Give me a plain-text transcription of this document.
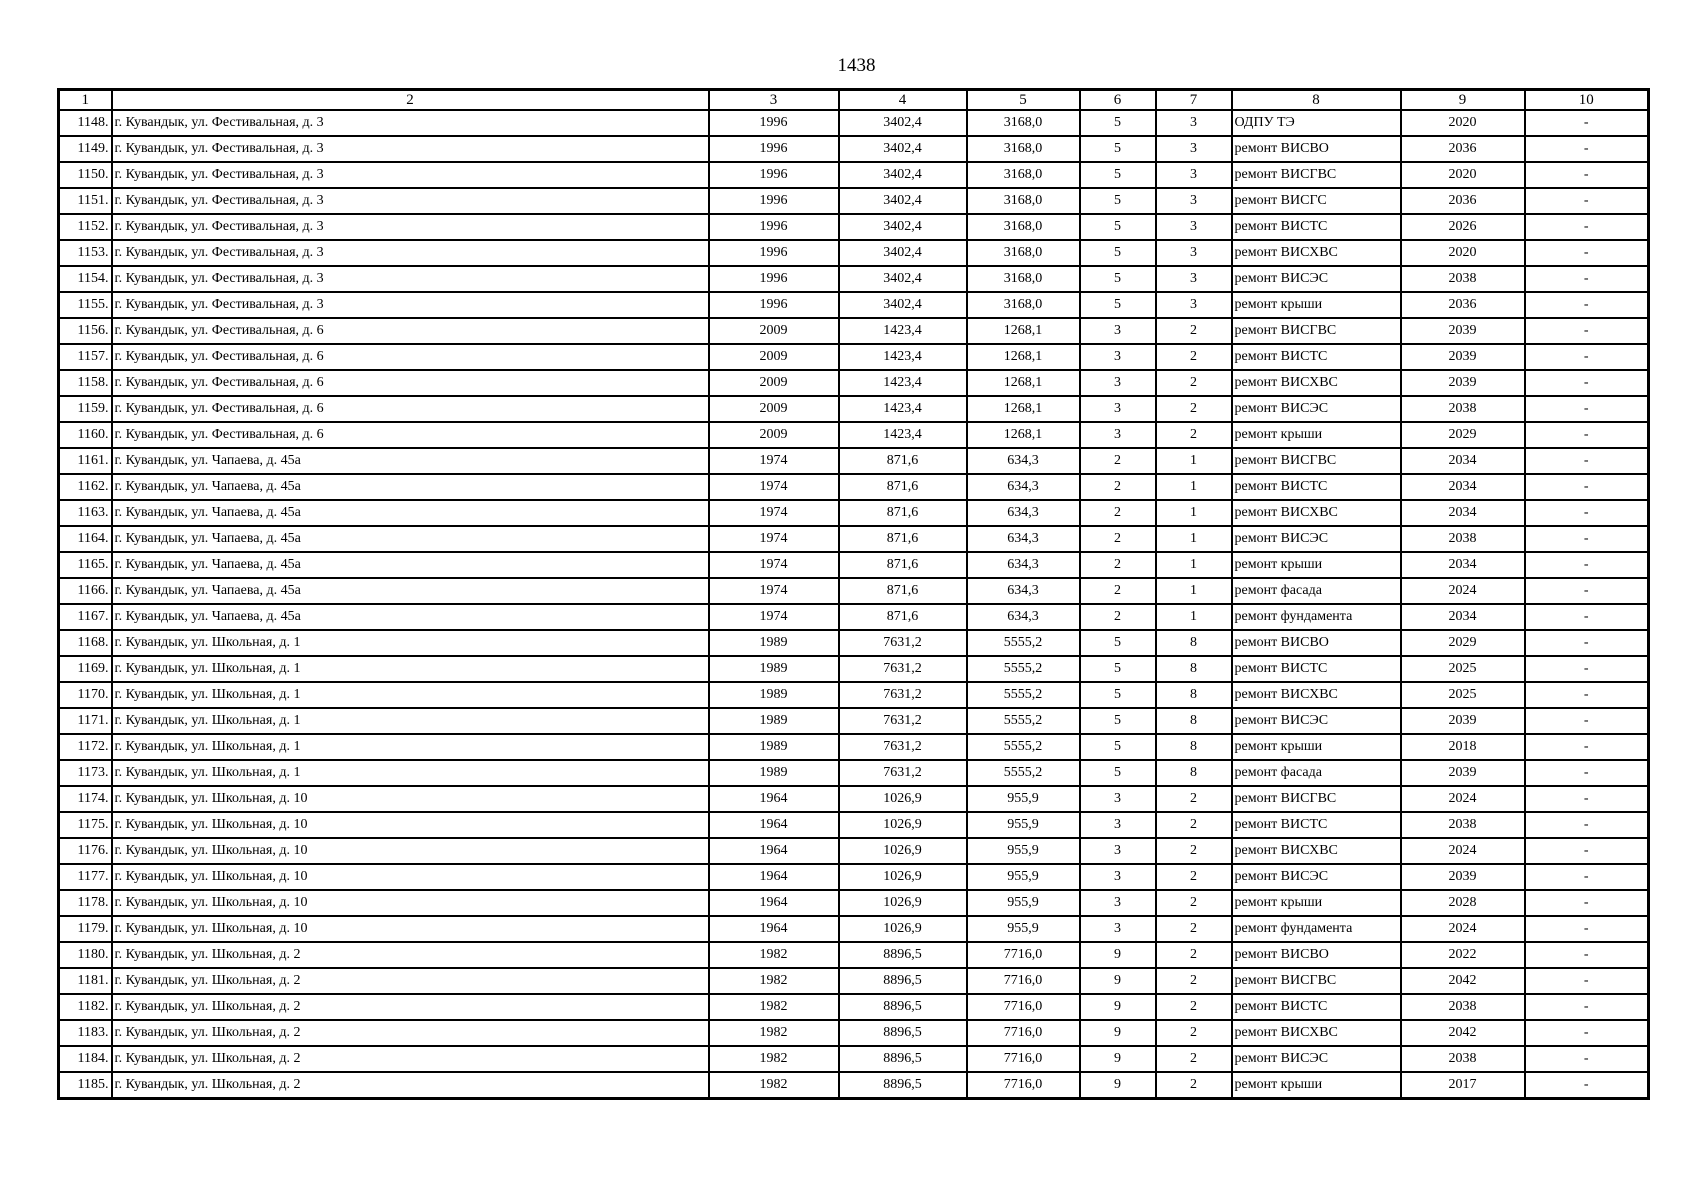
1438
1	2	3	4	5	6	7	8	9	10
1148.	г. Кувандык, ул. Фестивальная, д. 3	1996	3402,4	3168,0	5	3	ОДПУ ТЭ	2020	-
1149.	г. Кувандык, ул. Фестивальная, д. 3	1996	3402,4	3168,0	5	3	ремонт ВИСВО	2036	-
1150.	г. Кувандык, ул. Фестивальная, д. 3	1996	3402,4	3168,0	5	3	ремонт ВИСГВС	2020	-
1151.	г. Кувандык, ул. Фестивальная, д. 3	1996	3402,4	3168,0	5	3	ремонт ВИСГС	2036	-
1152.	г. Кувандык, ул. Фестивальная, д. 3	1996	3402,4	3168,0	5	3	ремонт ВИСТС	2026	-
1153.	г. Кувандык, ул. Фестивальная, д. 3	1996	3402,4	3168,0	5	3	ремонт ВИСХВС	2020	-
1154.	г. Кувандык, ул. Фестивальная, д. 3	1996	3402,4	3168,0	5	3	ремонт ВИСЭС	2038	-
1155.	г. Кувандык, ул. Фестивальная, д. 3	1996	3402,4	3168,0	5	3	ремонт крыши	2036	-
1156.	г. Кувандык, ул. Фестивальная, д. 6	2009	1423,4	1268,1	3	2	ремонт ВИСГВС	2039	-
1157.	г. Кувандык, ул. Фестивальная, д. 6	2009	1423,4	1268,1	3	2	ремонт ВИСТС	2039	-
1158.	г. Кувандык, ул. Фестивальная, д. 6	2009	1423,4	1268,1	3	2	ремонт ВИСХВС	2039	-
1159.	г. Кувандык, ул. Фестивальная, д. 6	2009	1423,4	1268,1	3	2	ремонт ВИСЭС	2038	-
1160.	г. Кувандык, ул. Фестивальная, д. 6	2009	1423,4	1268,1	3	2	ремонт крыши	2029	-
1161.	г. Кувандык, ул. Чапаева, д. 45а	1974	871,6	634,3	2	1	ремонт ВИСГВС	2034	-
1162.	г. Кувандык, ул. Чапаева, д. 45а	1974	871,6	634,3	2	1	ремонт ВИСТС	2034	-
1163.	г. Кувандык, ул. Чапаева, д. 45а	1974	871,6	634,3	2	1	ремонт ВИСХВС	2034	-
1164.	г. Кувандык, ул. Чапаева, д. 45а	1974	871,6	634,3	2	1	ремонт ВИСЭС	2038	-
1165.	г. Кувандык, ул. Чапаева, д. 45а	1974	871,6	634,3	2	1	ремонт крыши	2034	-
1166.	г. Кувандык, ул. Чапаева, д. 45а	1974	871,6	634,3	2	1	ремонт фасада	2024	-
1167.	г. Кувандык, ул. Чапаева, д. 45а	1974	871,6	634,3	2	1	ремонт фундамента	2034	-
1168.	г. Кувандык, ул. Школьная, д. 1	1989	7631,2	5555,2	5	8	ремонт ВИСВО	2029	-
1169.	г. Кувандык, ул. Школьная, д. 1	1989	7631,2	5555,2	5	8	ремонт ВИСТС	2025	-
1170.	г. Кувандык, ул. Школьная, д. 1	1989	7631,2	5555,2	5	8	ремонт ВИСХВС	2025	-
1171.	г. Кувандык, ул. Школьная, д. 1	1989	7631,2	5555,2	5	8	ремонт ВИСЭС	2039	-
1172.	г. Кувандык, ул. Школьная, д. 1	1989	7631,2	5555,2	5	8	ремонт крыши	2018	-
1173.	г. Кувандык, ул. Школьная, д. 1	1989	7631,2	5555,2	5	8	ремонт фасада	2039	-
1174.	г. Кувандык, ул. Школьная, д. 10	1964	1026,9	955,9	3	2	ремонт ВИСГВС	2024	-
1175.	г. Кувандык, ул. Школьная, д. 10	1964	1026,9	955,9	3	2	ремонт ВИСТС	2038	-
1176.	г. Кувандык, ул. Школьная, д. 10	1964	1026,9	955,9	3	2	ремонт ВИСХВС	2024	-
1177.	г. Кувандык, ул. Школьная, д. 10	1964	1026,9	955,9	3	2	ремонт ВИСЭС	2039	-
1178.	г. Кувандык, ул. Школьная, д. 10	1964	1026,9	955,9	3	2	ремонт крыши	2028	-
1179.	г. Кувандык, ул. Школьная, д. 10	1964	1026,9	955,9	3	2	ремонт фундамента	2024	-
1180.	г. Кувандык, ул. Школьная, д. 2	1982	8896,5	7716,0	9	2	ремонт ВИСВО	2022	-
1181.	г. Кувандык, ул. Школьная, д. 2	1982	8896,5	7716,0	9	2	ремонт ВИСГВС	2042	-
1182.	г. Кувандык, ул. Школьная, д. 2	1982	8896,5	7716,0	9	2	ремонт ВИСТС	2038	-
1183.	г. Кувандык, ул. Школьная, д. 2	1982	8896,5	7716,0	9	2	ремонт ВИСХВС	2042	-
1184.	г. Кувандык, ул. Школьная, д. 2	1982	8896,5	7716,0	9	2	ремонт ВИСЭС	2038	-
1185.	г. Кувандык, ул. Школьная, д. 2	1982	8896,5	7716,0	9	2	ремонт крыши	2017	-
